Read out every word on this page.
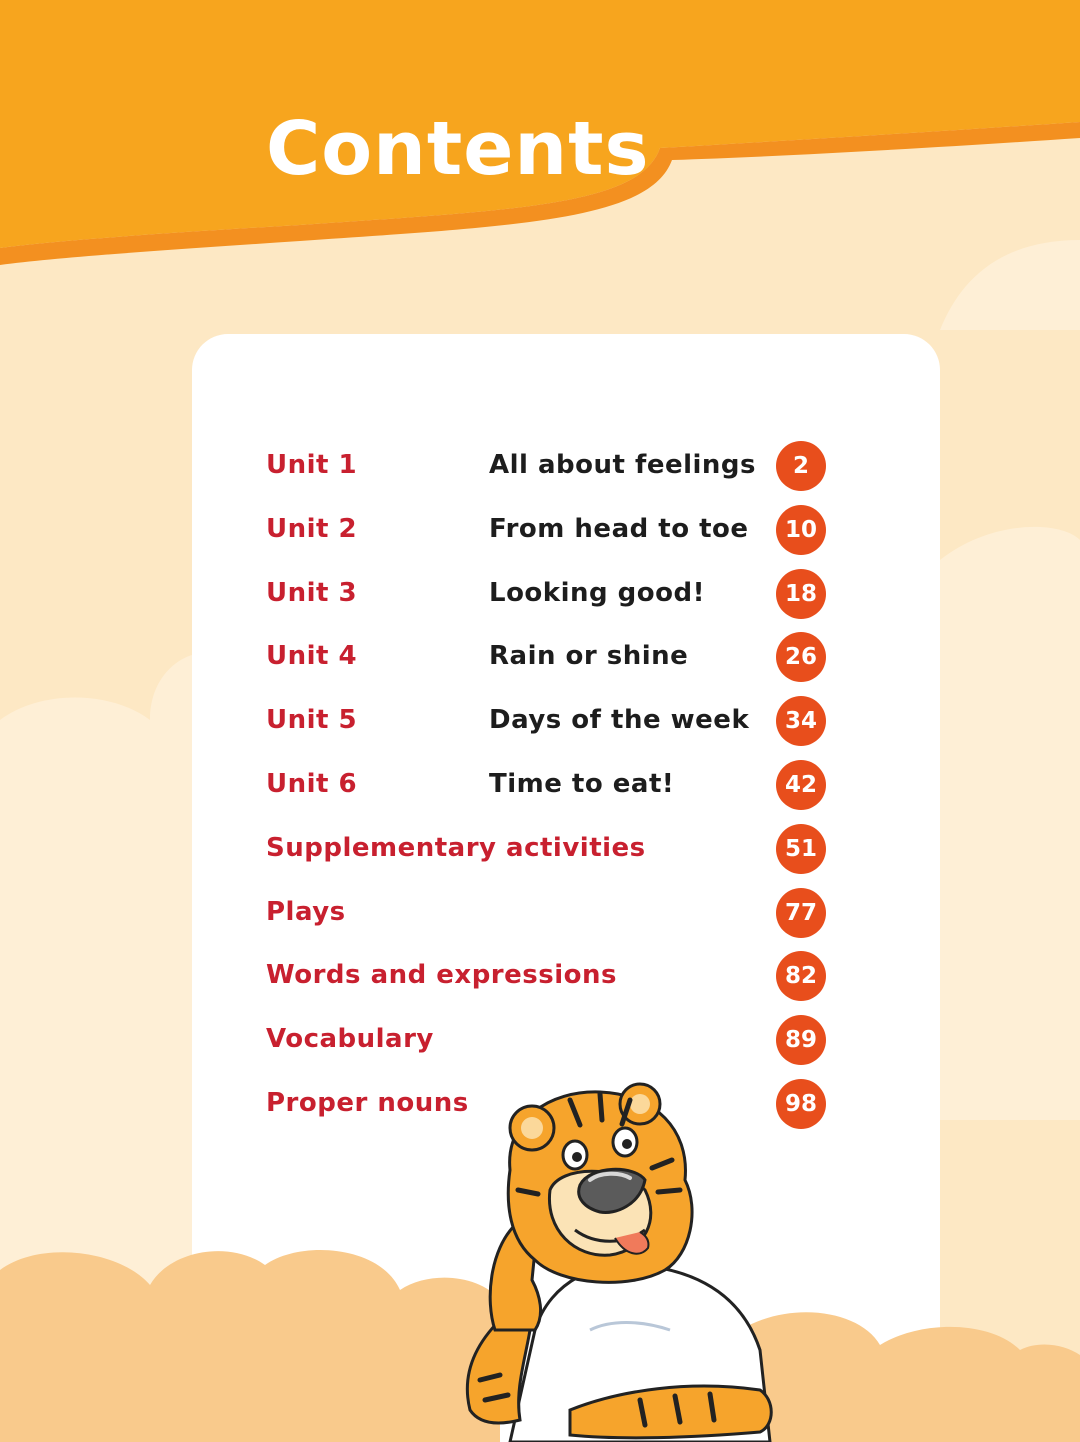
Contents
Unit 1	All about feelings	2
Unit 2	From head to toe	10
Unit 3	Looking good!	18
Unit 4	Rain or shine	26
Unit 5	Days of the week	34
Unit 6	Time to eat!	42
Supplementary activities	51
Plays	77
Words and expressions	82
Vocabulary	89
Proper nouns	98
